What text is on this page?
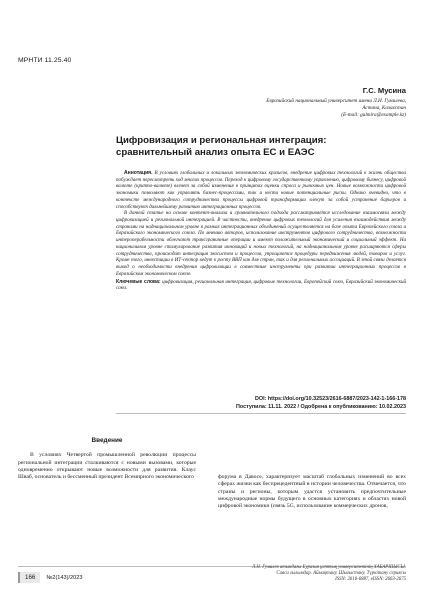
МРНТИ 11.25.40
Г.С. Мусина
Евразийский национальный университет имени Л.Н. Гумилева,
Астана, Казахстан
(E-mail: gulmira@example.kz)
Цифровизация и региональная интеграция:
сравнительный анализ опыта ЕС и ЕАЭС

Аннотация. В условиях глобальных и локальных экономических кризисов, внедрение цифровых технологий в жизнь общества побуждает пересмотреть ход многих процессов. Переход к цифровому государственному управлению, цифровому бизнесу, цифровой валюте (крипто-валюте) влечет за собой изменения в принципах оценки спроса и рыночных цен. Новые возможности цифровой экономики позволяют как управлять бизнес-процессами, так и нести новые потенциальные риски. Однако очевидно, что в контексте международного сотрудничества процессы цифровой трансформации влекут за собой устранение барьеров и способствуют дальнейшему развитию интеграционных процессов.

В данной статье на основе контент-анализа и сравнительного подхода рассматривается исследование взаимосвязи между цифровизацией и региональной интеграцией. В частности, внедрение цифровых технологий для усиления взаимодействия между странами на наднациональном уровне в рамках интеграционных объединений осуществляется на базе опыта Европейского союза и Евразийского экономического союза. По мнению авторов, использование инструментов цифрового сотрудничества, возможности интероперабельности облегчают трансграничные операции и имеют положительный экономический и социальный эффект. На национальном уровне стимулирование развития инноваций и новых технологий, на наднациональном уровне расширяются сферы сотрудничества, происходит интеграция экосистем и процессов, упрощаются процедуры передвижения людей, товаров и услуг. Кроме того, инвестиции в ИТ-сектор ведут к росту ВВП как для стран, так и для региональных ассоциаций. В этой связи делается вывод о необходимости внедрения цифровизации в совместные инструменты при развитии интеграционных процессов в Евразийском экономическом союзе.

Ключевые слова: цифровизация, региональная интеграция, цифровые технологии, Европейский союз, Евразийский экономический союз.

DOI: https://doi.org/10.32523/2616-6887/2023-142-1-166-178
Поступила: 11.11. 2022 / Одобрена к опубликованию: 10.02.2023
Введение

В условиях Четвертой промышленной революции процессы региональной интеграции сталкиваются с новыми вызовами, которые одновременно открывают новые возможности для развития. Клаус Шваб, основатель и бессменный президент Всемирного экономического	форума в Давосе, характеризует масштаб глобальных изменений во всех сферах жизни как беспрецедентный в истории человечества. Отмечается, что страны и регионы, которым удастся установить предпочтительные международные нормы будущего в основных категориях и областях новой цифровой экономики (связь 5G, использование коммерческих дронов,

166	№2(143)/2023
Л.Н. Гумилев атындағы Еуразия ұлттық университетінің ХАБАРШЫСЫ.
Саяси ғылымдар. Аймақтану. Шығыстану. Түркітану сериясы
ISSN: 2616-6887, eISSN: 2663-2675
